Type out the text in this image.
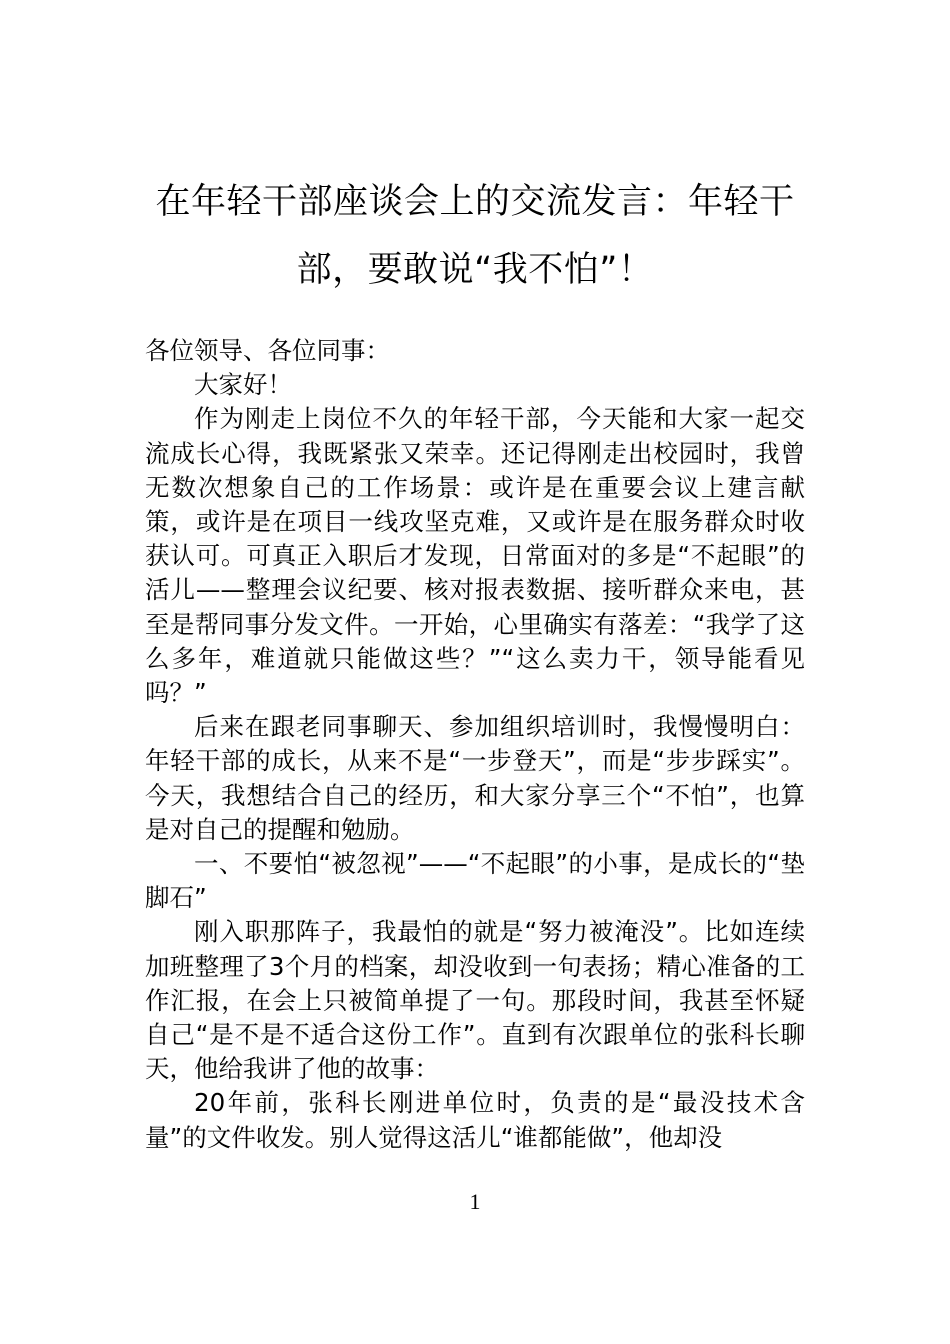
在年轻干部座谈会上的交流发言：年轻干
部，要敢说“我不怕”！

各位领导、各位同事：

大家好！

作为刚走上岗位不久的年轻干部，今天能和大家一起交流成长心得，我既紧张又荣幸。还记得刚走出校园时，我曾无数次想象自己的工作场景：或许是在重要会议上建言献策，或许是在项目一线攻坚克难，又或许是在服务群众时收获认可。可真正入职后才发现，日常面对的多是“不起眼”的活儿——整理会议纪要、核对报表数据、接听群众来电，甚至是帮同事分发文件。一开始，心里确实有落差：“我学了这么多年，难道就只能做这些？”“这么卖力干，领导能看见吗？”

后来在跟老同事聊天、参加组织培训时，我慢慢明白：年轻干部的成长，从来不是“一步登天”，而是“步步踩实”。今天，我想结合自己的经历，和大家分享三个“不怕”，也算是对自己的提醒和勉励。

一、不要怕“被忽视”——“不起眼”的小事，是成长的“垫脚石”

刚入职那阵子，我最怕的就是“努力被淹没”。比如连续加班整理了3个月的档案，却没收到一句表扬；精心准备的工作汇报，在会上只被简单提了一句。那段时间，我甚至怀疑自己“是不是不适合这份工作”。直到有次跟单位的张科长聊天，他给我讲了他的故事：

20年前，张科长刚进单位时，负责的是“最没技术含量”的文件收发。别人觉得这活儿“谁都能做”，他却没

1
